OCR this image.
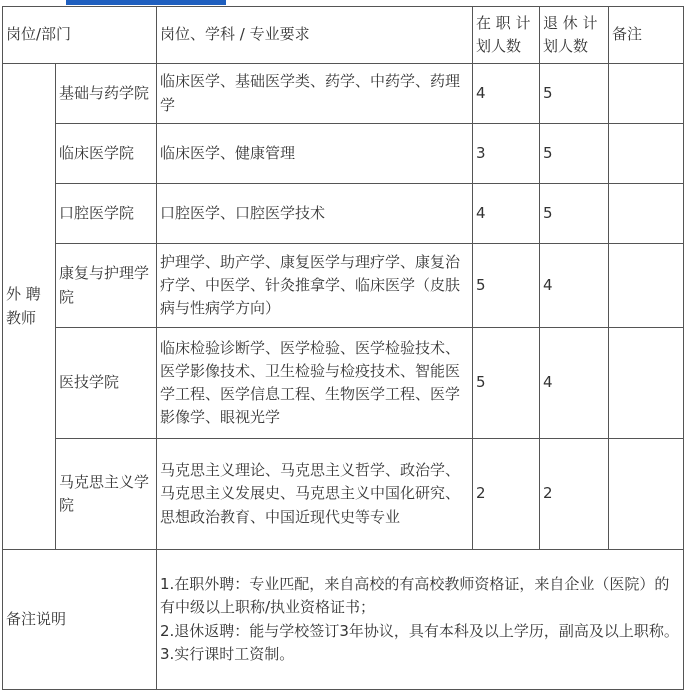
岗位/部门		岗位、学科 / 专业要求	在 职 计划人数	退 休 计划人数	备注
外 聘教师	基础与药学院	临床医学、基础医学类、药学、中药学、药理学	4	5	
	临床医学院	临床医学、健康管理	3	5	
	口腔医学院	口腔医学、口腔医学技术	4	5	
	康复与护理学院	护理学、助产学、康复医学与理疗学、康复治疗学、中医学、针灸推拿学、临床医学（皮肤病与性病学方向）	5	4	
	医技学院	临床检验诊断学、医学检验、医学检验技术、医学影像技术、卫生检验与检疫技术、智能医学工程、医学信息工程、生物医学工程、医学影像学、眼视光学	5	4	
	马克思主义学院	马克思主义理论、马克思主义哲学、政治学、马克思主义发展史、马克思主义中国化研究、思想政治教育、中国近现代史等专业	2	2	
备注说明		1.在职外聘：专业匹配，来自高校的有高校教师资格证，来自企业（医院）的有中级以上职称/执业资格证书；
2.退休返聘：能与学校签订3年协议，具有本科及以上学历，副高及以上职称。
3.实行课时工资制。			
